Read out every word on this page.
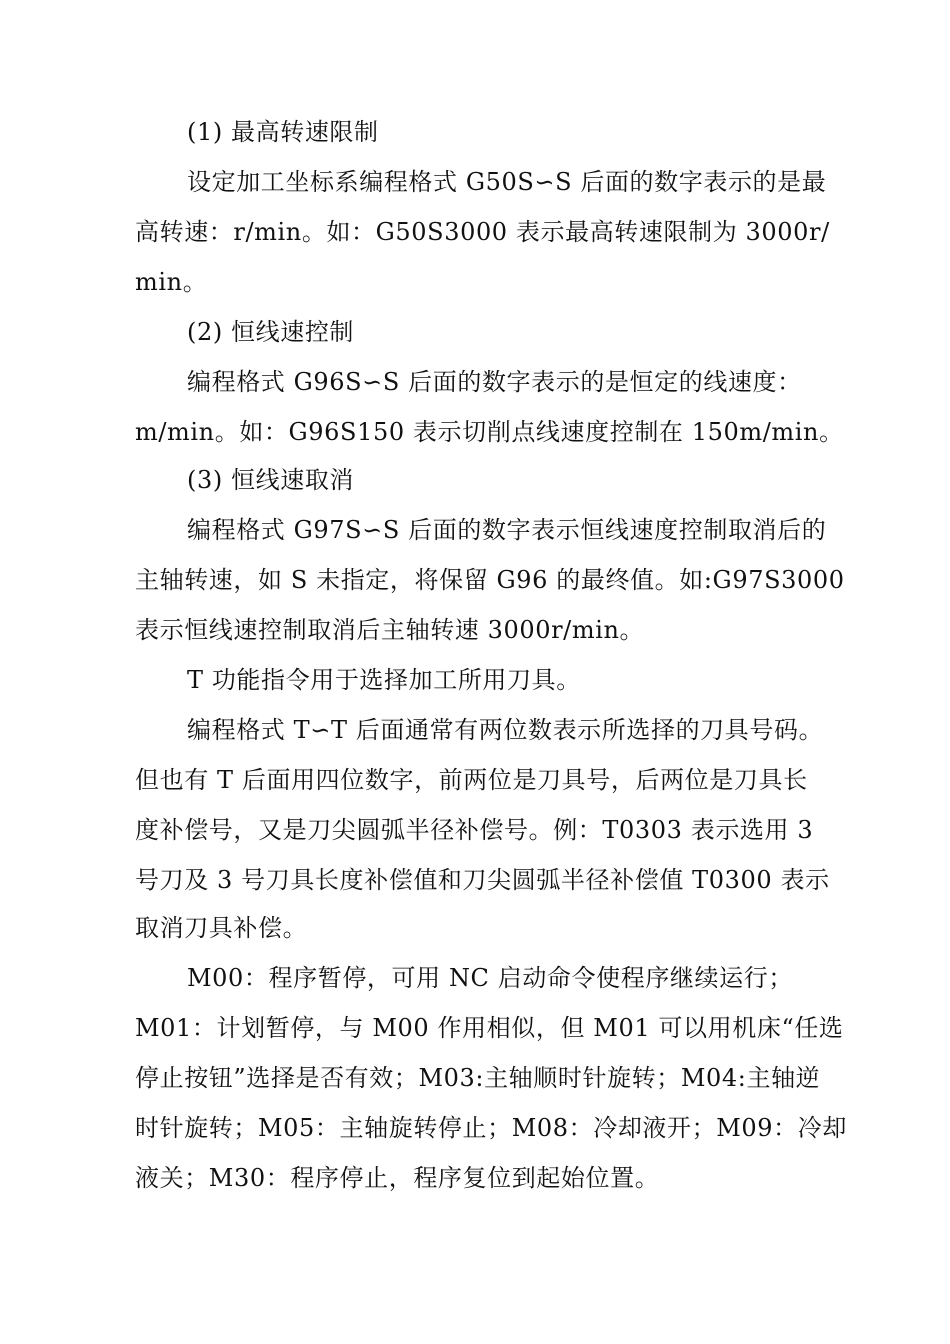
(1) 最高转速限制
设定加工坐标系编程格式 G50S∽S 后面的数字表示的是最
高转速：r/min。如：G50S3000 表示最高转速限制为 3000r/
min。
(2) 恒线速控制
编程格式 G96S∽S 后面的数字表示的是恒定的线速度：
m/min。如：G96S150 表示切削点线速度控制在 150m/min。
(3) 恒线速取消
编程格式 G97S∽S 后面的数字表示恒线速度控制取消后的
主轴转速，如 S 未指定，将保留 G96 的最终值。如:G97S3000
表示恒线速控制取消后主轴转速 3000r/min。
T 功能指令用于选择加工所用刀具。
编程格式 T∽T 后面通常有两位数表示所选择的刀具号码。
但也有 T 后面用四位数字，前两位是刀具号，后两位是刀具长
度补偿号，又是刀尖圆弧半径补偿号。例：T0303 表示选用 3
号刀及 3 号刀具长度补偿值和刀尖圆弧半径补偿值 T0300 表示
取消刀具补偿。
M00：程序暂停，可用 NC 启动命令使程序继续运行；
M01：计划暂停，与 M00 作用相似，但 M01 可以用机床“任选
停止按钮”选择是否有效；M03:主轴顺时针旋转；M04:主轴逆
时针旋转；M05：主轴旋转停止；M08：冷却液开；M09：冷却
液关；M30：程序停止，程序复位到起始位置。
